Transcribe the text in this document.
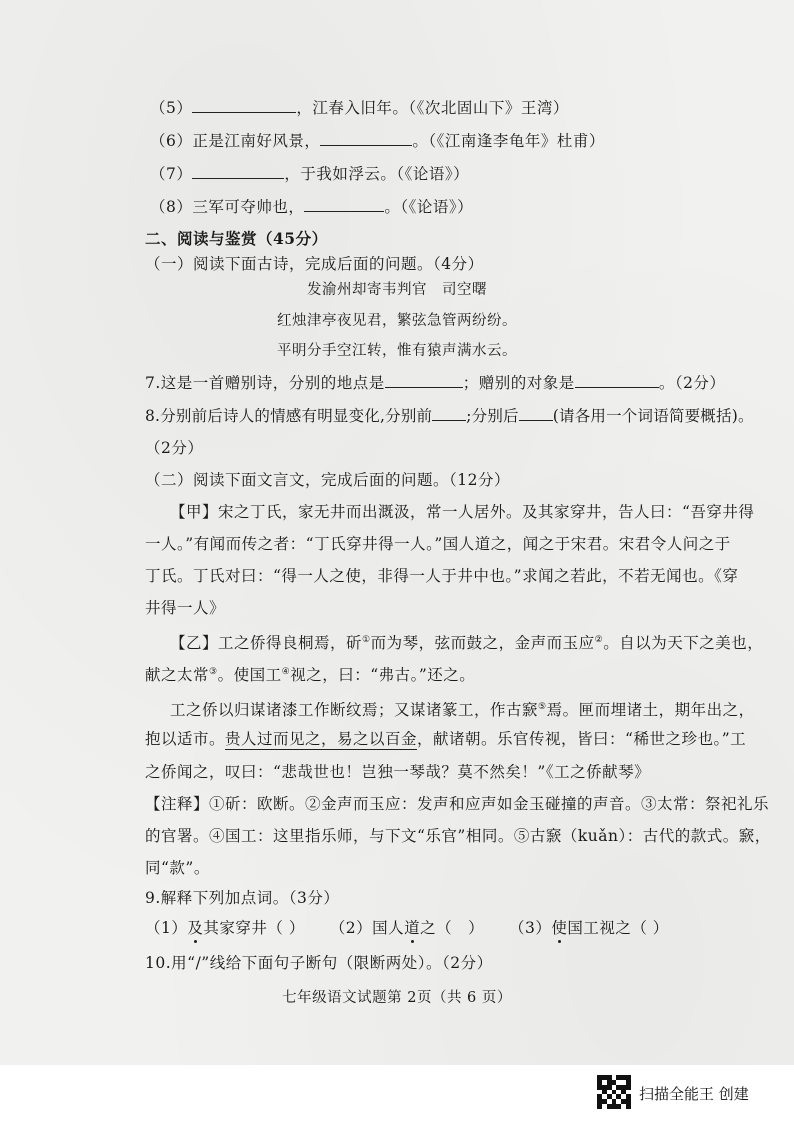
（5）	，江春入旧年。（《次北固山下》王湾）
（6）正是江南好风景，	。（《江南逢李龟年》杜甫）
（7）	，于我如浮云。（《论语》）
（8）三军可夺帅也，	。（《论语》）
二、阅读与鉴赏（45分）
（一）阅读下面古诗，完成后面的问题。（4分）
发渝州却寄韦判官　司空曙
红烛津亭夜见君，繁弦急管两纷纷。
平明分手空江转，惟有猿声满水云。
7.这是一首赠别诗，分别的地点是	；赠别的对象是	。（2分）
8.分别前后诗人的情感有明显变化,分别前 ;分别后 (请各用一个词语简要概括)。
（2分）
（二）阅读下面文言文，完成后面的问题。（12分）
【甲】宋之丁氏，家无井而出溉汲，常一人居外。及其家穿井，告人曰：“吾穿井得
一人。”有闻而传之者：“丁氏穿井得一人。”国人道之，闻之于宋君。宋君令人问之于
丁氏。丁氏对曰：“得一人之使，非得一人于井中也。”求闻之若此，不若无闻也。《穿
井得一人》
【乙】工之侨得良桐焉，斫①而为琴，弦而鼓之，金声而玉应②。自以为天下之美也，
献之太常③。使国工④视之，曰：“弗古。”还之。
工之侨以归谋诸漆工作断纹焉；又谋诸篆工，作古窾⑤焉。匣而埋诸土，期年出之，
抱以适市。贵人过而见之，易之以百金，献诸朝。乐官传视，皆曰：“稀世之珍也。”工
之侨闻之，叹曰：“悲哉世也！岂独一琴哉？莫不然矣！”《工之侨献琴》
【注释】①斫：欧断。②金声而玉应：发声和应声如金玉碰撞的声音。③太常：祭祀礼乐
的官署。④国工：这里指乐师，与下文“乐官”相同。⑤古窾（kuǎn）：古代的款式。窾，
同“款”。
9.解释下列加点词。（3分）
（1）及其家穿井（ ） （2）国人道之（　） （3）使国工视之（ ）
10.用“/”线给下面句子断句（限断两处）。（2分）
七年级语文试题第 2页（共 6 页）
扫描全能王 创建
